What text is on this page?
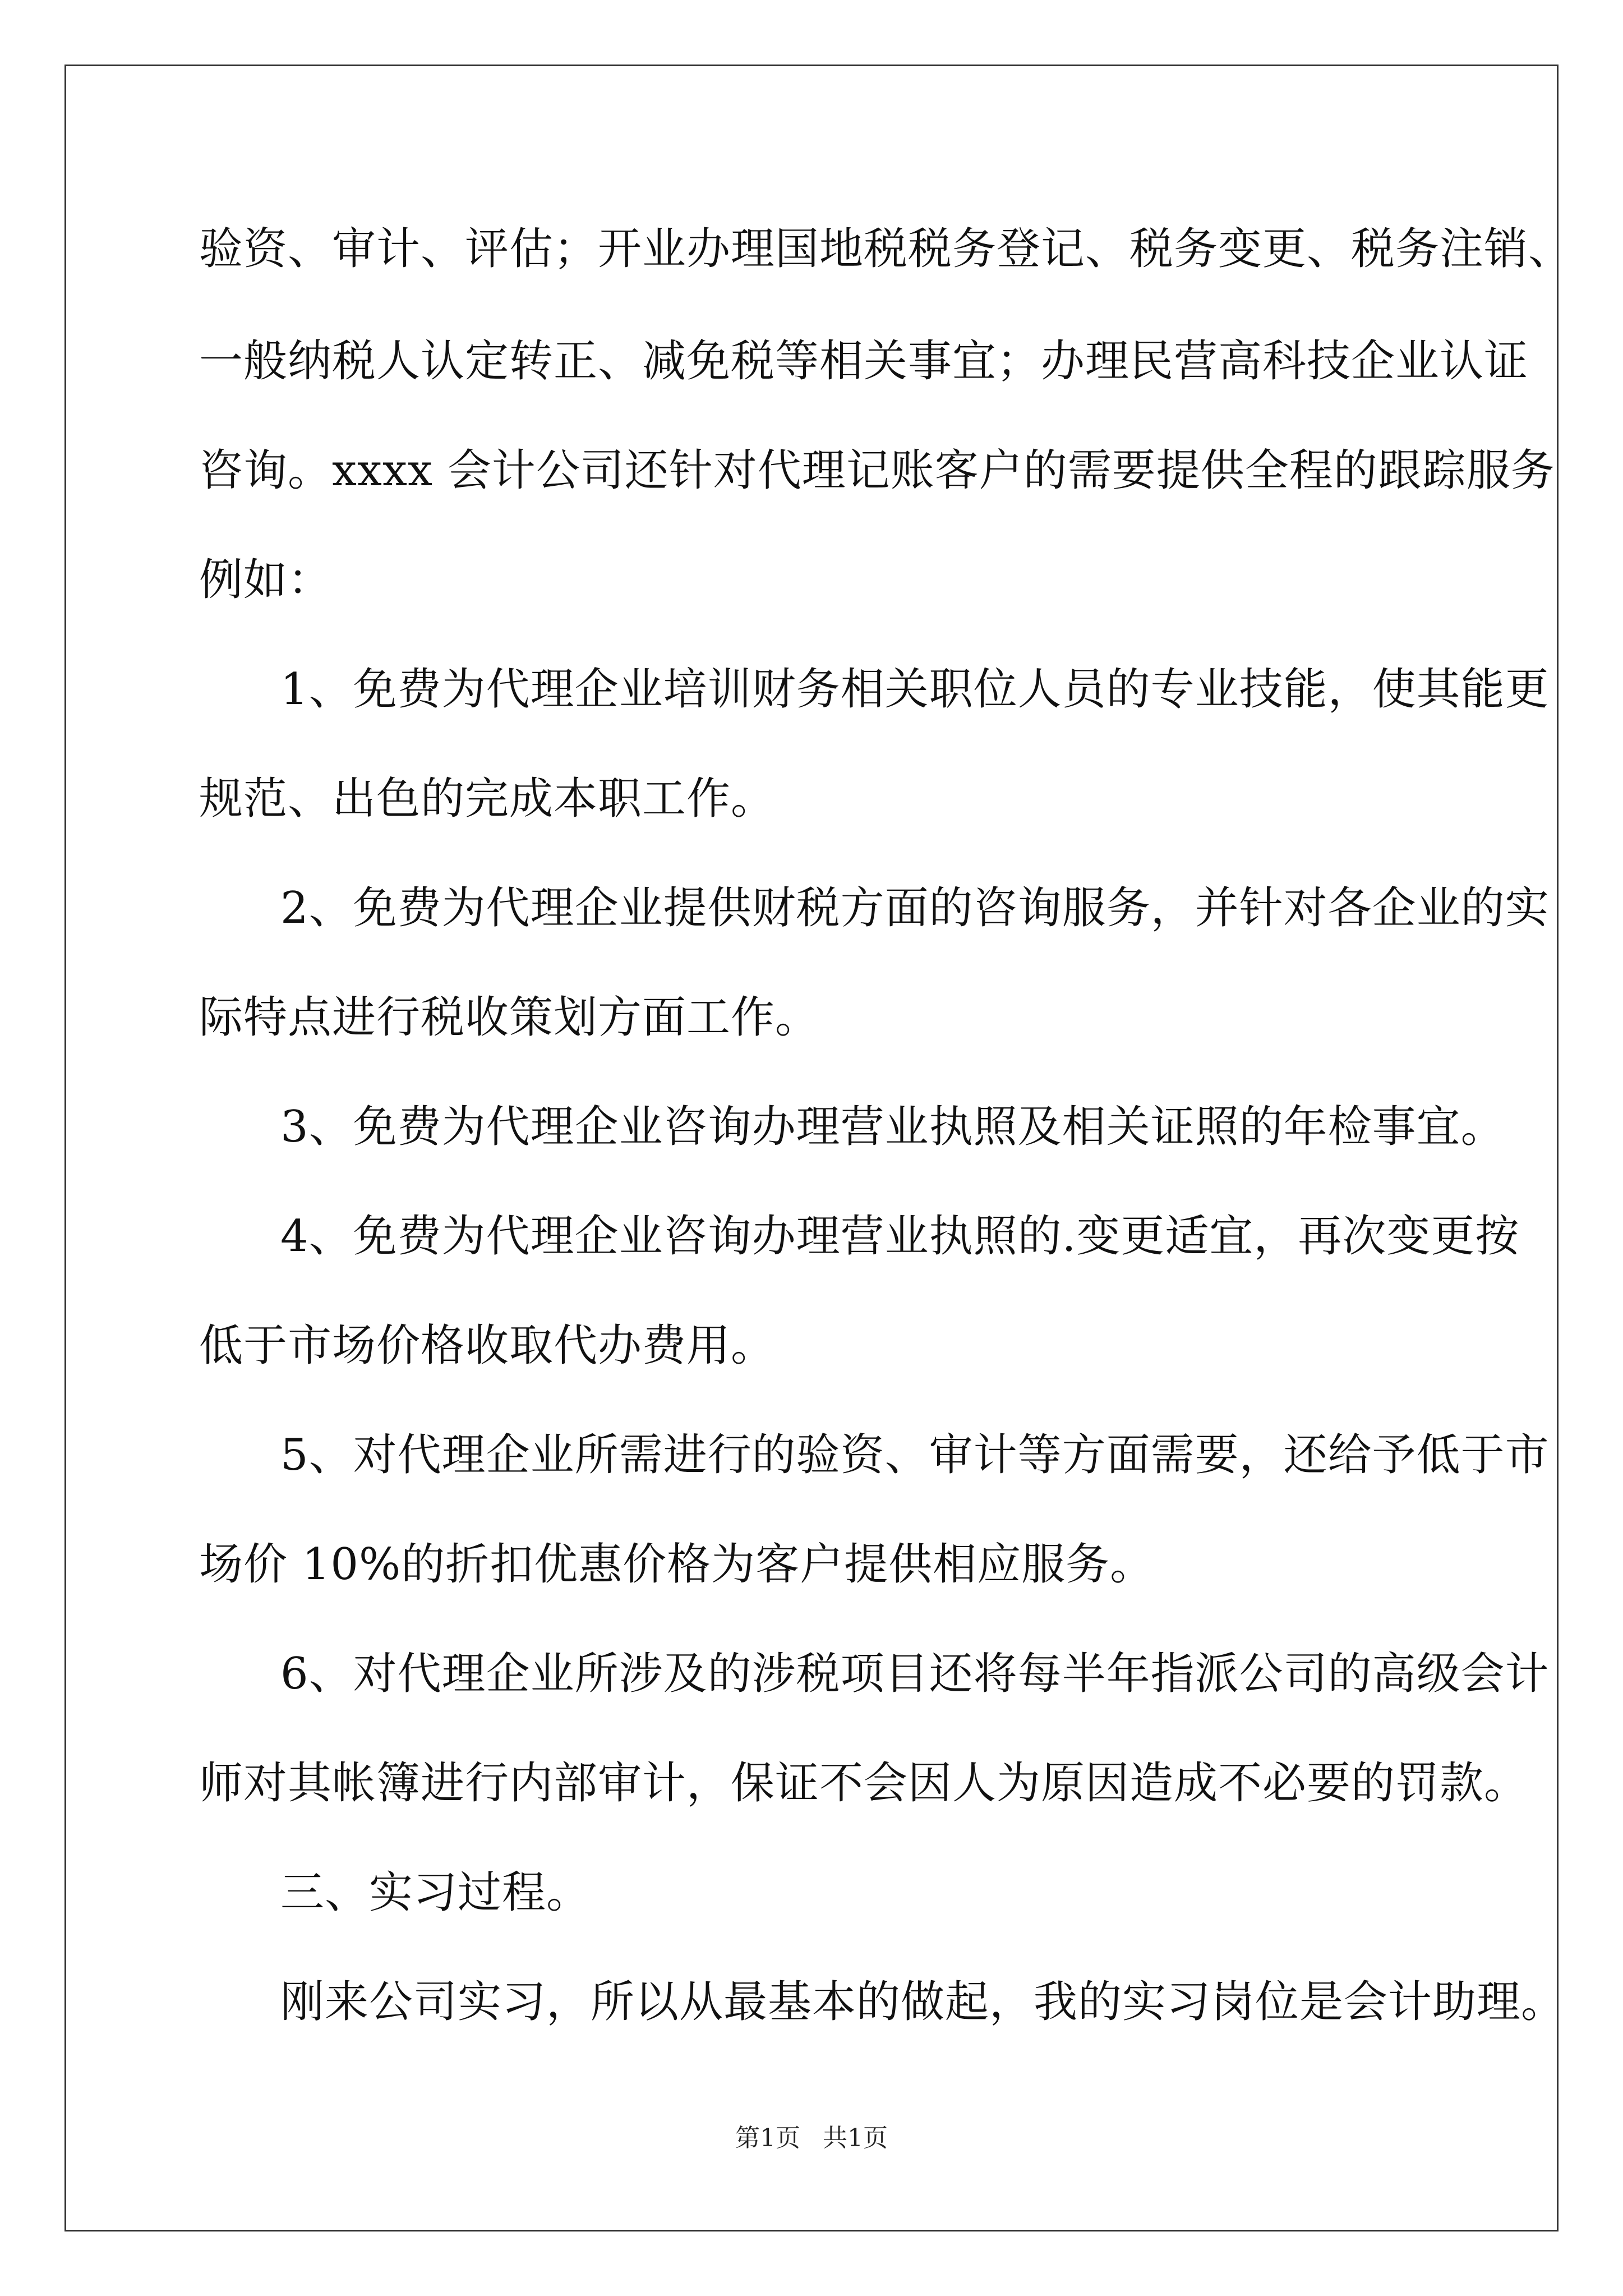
验资、审计、评估；开业办理国地税税务登记、税务变更、税务注销、
一般纳税人认定转正、减免税等相关事宜；办理民营高科技企业认证
咨询。xxxx 会计公司还针对代理记账客户的需要提供全程的跟踪服务
例如：
1、免费为代理企业培训财务相关职位人员的专业技能，使其能更
规范、出色的完成本职工作。
2、免费为代理企业提供财税方面的咨询服务，并针对各企业的实
际特点进行税收策划方面工作。
3、免费为代理企业咨询办理营业执照及相关证照的年检事宜。
4、免费为代理企业咨询办理营业执照的.变更适宜，再次变更按
低于市场价格收取代办费用。
5、对代理企业所需进行的验资、审计等方面需要，还给予低于市
场价 10%的折扣优惠价格为客户提供相应服务。
6、对代理企业所涉及的涉税项目还将每半年指派公司的高级会计
师对其帐簿进行内部审计，保证不会因人为原因造成不必要的罚款。
三、实习过程。
刚来公司实习，所以从最基本的做起，我的实习岗位是会计助理。
第1页 共1页
